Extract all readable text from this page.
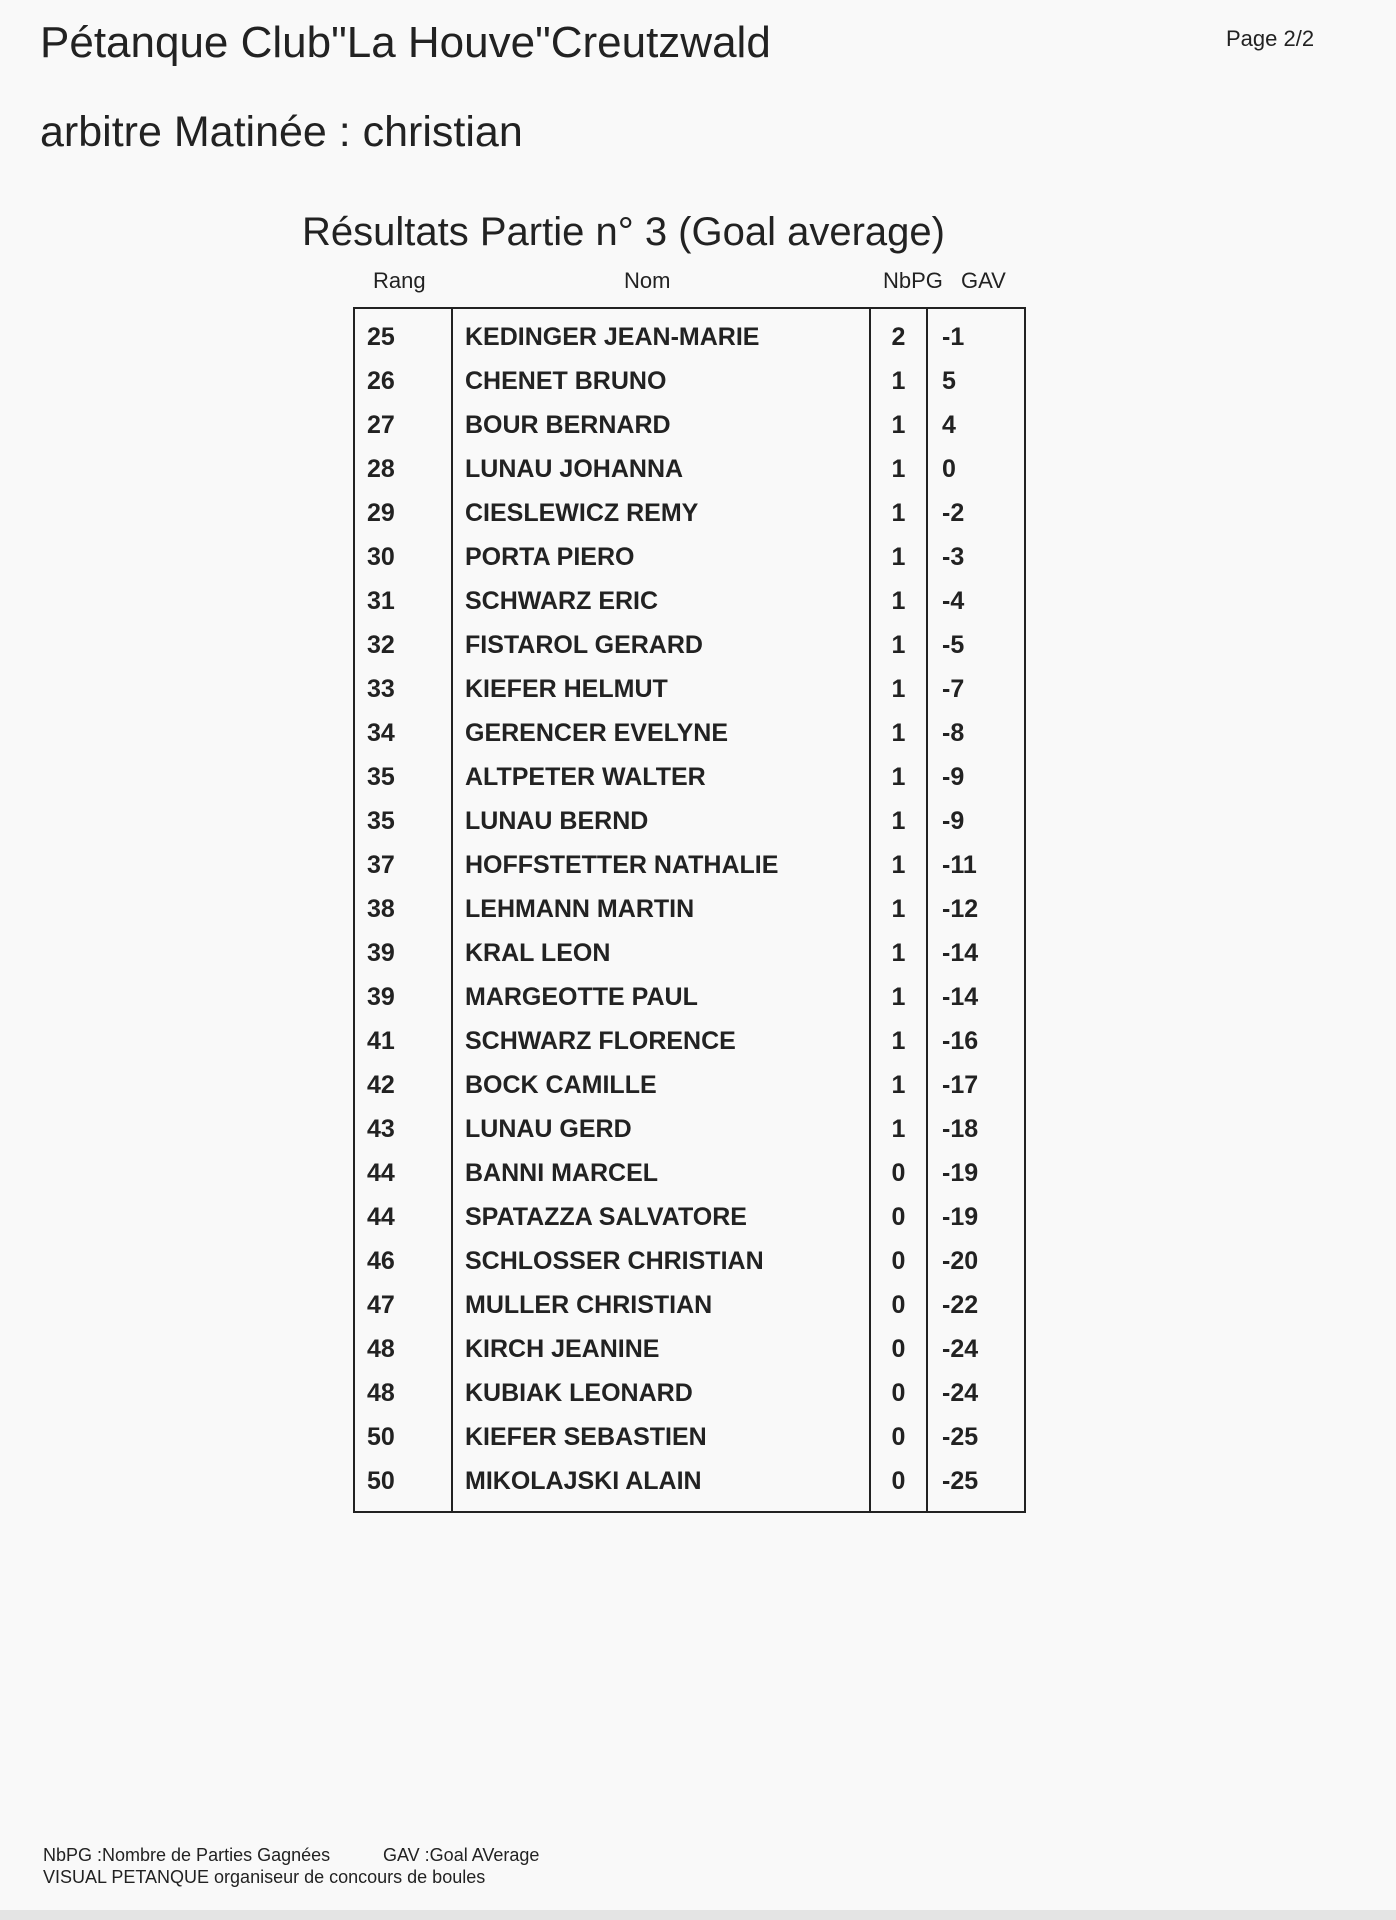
Pétanque Club"La Houve"Creutzwald
arbitre Matinée : christian
Page 2/2
Résultats Partie n° 3 (Goal average)
Rang	Nom	NbPG GAV
25	KEDINGER JEAN-MARIE	2	-1
26	CHENET BRUNO	1	5
27	BOUR BERNARD	1	4
28	LUNAU JOHANNA	1	0
29	CIESLEWICZ REMY	1	-2
30	PORTA PIERO	1	-3
31	SCHWARZ ERIC	1	-4
32	FISTAROL GERARD	1	-5
33	KIEFER HELMUT	1	-7
34	GERENCER EVELYNE	1	-8
35	ALTPETER WALTER	1	-9
35	LUNAU BERND	1	-9
37	HOFFSTETTER NATHALIE	1	-11
38	LEHMANN MARTIN	1	-12
39	KRAL LEON	1	-14
39	MARGEOTTE PAUL	1	-14
41	SCHWARZ FLORENCE	1	-16
42	BOCK CAMILLE	1	-17
43	LUNAU GERD	1	-18
44	BANNI MARCEL	0	-19
44	SPATAZZA SALVATORE	0	-19
46	SCHLOSSER CHRISTIAN	0	-20
47	MULLER CHRISTIAN	0	-22
48	KIRCH JEANINE	0	-24
48	KUBIAK LEONARD	0	-24
50	KIEFER SEBASTIEN	0	-25
50	MIKOLAJSKI ALAIN	0	-25
NbPG :Nombre de Parties Gagnées	GAV :Goal AVerage
VISUAL PETANQUE organiseur de concours de boules
